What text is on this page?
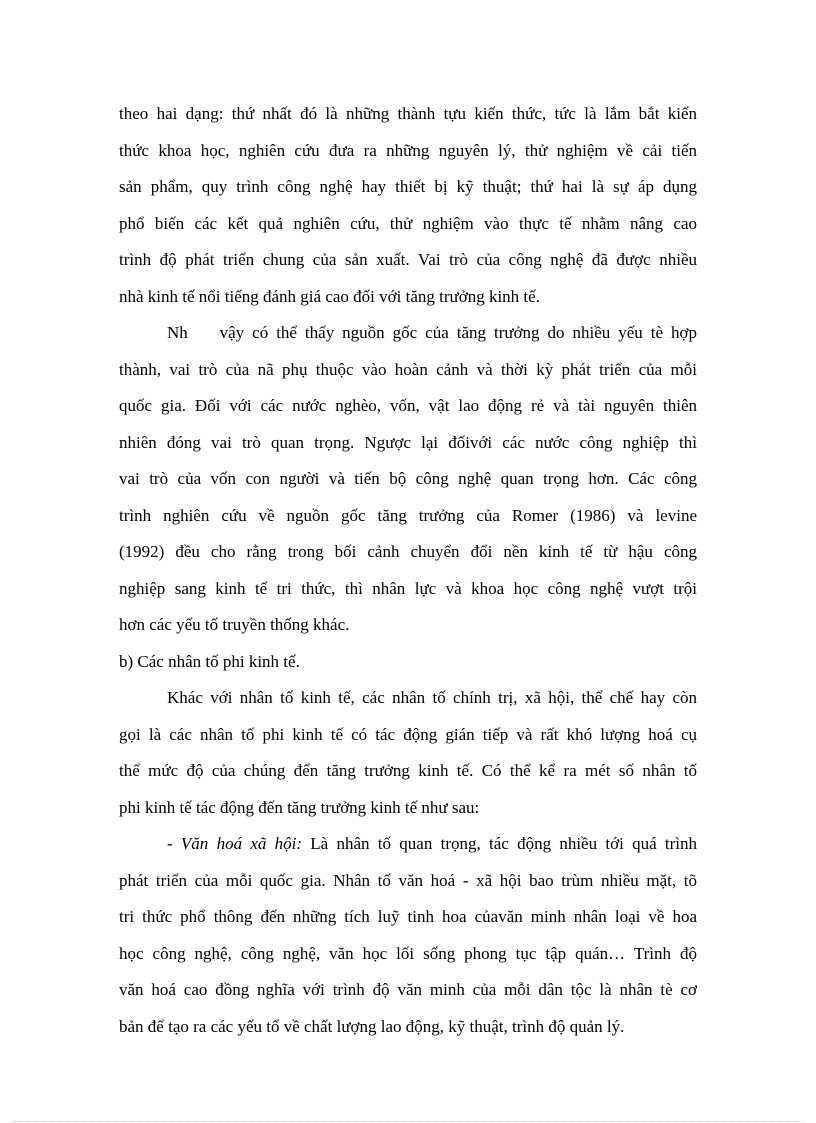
theo hai dạng: thứ nhất đó là những thành tựu kiến thức, tức là lắm bắt kiến
thức khoa học, nghiên cứu đưa ra những nguyên lý, thử nghiệm về cải tiến
sản phẩm, quy trình công nghệ hay thiết bị kỹ thuật; thứ hai là sự áp dụng
phổ biến các kết quả nghiên cứu, thử nghiệm vào thực tế nhằm nâng cao
trình độ phát triển chung của sản xuất. Vai trò của công nghệ đã được nhiều
nhà kinh tế nổi tiếng đánh giá cao đối với tăng trưởng kinh tế.
Nh    vậy có thể thấy nguồn gốc của tăng trưởng do nhiều yếu tè hợp
thành, vai trò của nã phụ thuộc vào hoàn cảnh và thời kỳ phát triển của mỗi
quốc gia. Đối với các nước nghèo, vốn, vật lao động rẻ và tài nguyên thiên
nhiên đóng vai trò quan trọng. Ngược lại đốivới các nước công nghiệp thì
vai trò của vốn con người và tiến bộ công nghệ quan trọng hơn. Các công
trình nghiên cứu về nguồn gốc tăng trưởng của Romer (1986) và levine
(1992) đều cho rằng trong bối cảnh chuyển đổi nền kinh tế từ hậu công
nghiệp sang kinh tế tri thức, thì nhân lực và khoa học công nghệ vượt trội
hơn các yếu tố truyền thống khác.
b) Các nhân tố phi kinh tế.
Khác với nhân tố kinh tế, các nhân tố chính trị, xã hội, thể chế hay còn
gọi là các nhân tố phi kinh tế có tác động gián tiếp và rất khó lượng hoá cụ
thể mức độ của chúng đến tăng trưởng kinh tế. Có thể kể ra mét số nhân tố
phi kinh tế tác động đến tăng trưởng kinh tế như sau:
- Văn hoá xã hội: Là nhân tố quan trọng, tác động nhiều tới quá trình
phát triển của mỗi quốc gia. Nhân tố văn hoá - xã hội bao trùm nhiều mặt, tõ
tri thức phổ thông đến những tích luỹ tinh hoa củavăn minh nhân loại về hoa
học công nghệ, công nghệ, văn học lối sống phong tục tập quán… Trình độ
văn hoá cao đồng nghĩa với trình độ văn minh của mỗi dân tộc là nhân tè cơ
bản để tạo ra các yếu tố về chất lượng lao động, kỹ thuật, trình độ quản lý.
